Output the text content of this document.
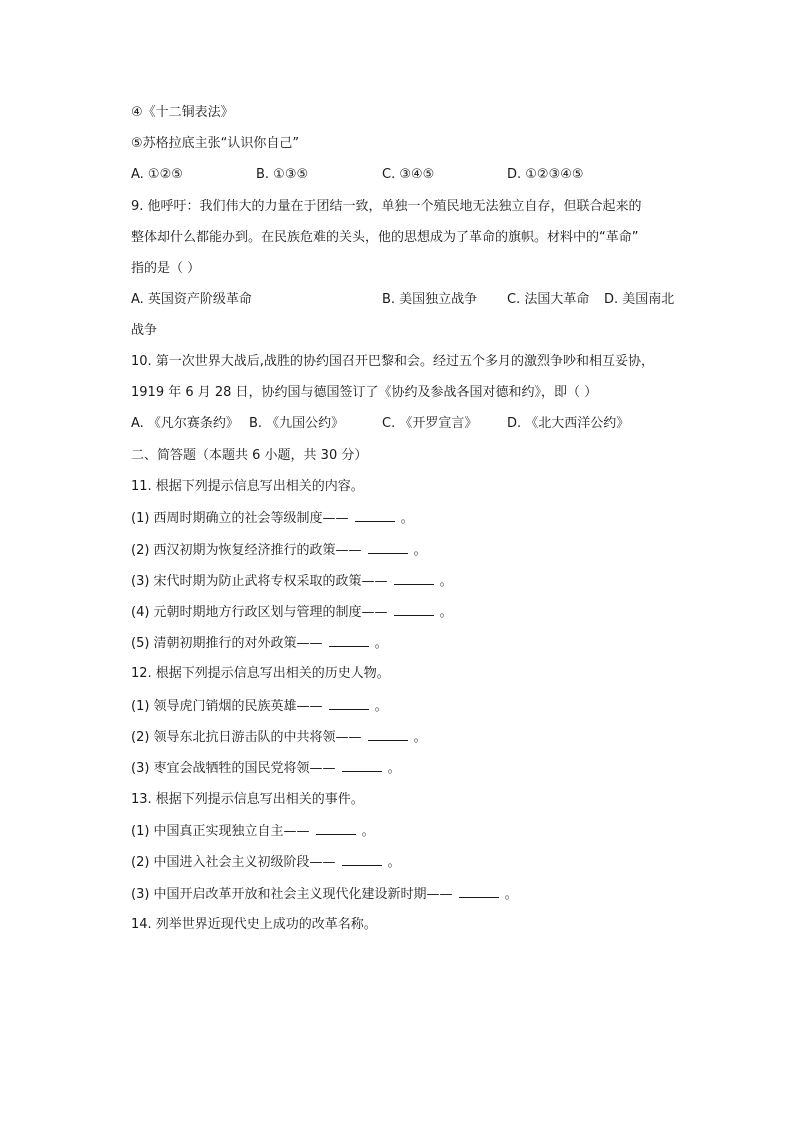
④《十二铜表法》
⑤苏格拉底主张“认识你自己”
A. ①②⑤	B. ①③⑤	C. ③④⑤	D. ①②③④⑤
9. 他呼吁：我们伟大的力量在于团结一致，单独一个殖民地无法独立自存，但联合起来的
整体却什么都能办到。在民族危难的关头，他的思想成为了革命的旗帜。材料中的“革命”
指的是（ ）
A. 英国资产阶级革命	B. 美国独立战争 C. 法国大革命 D. 美国南北
战争
10. 第一次世界大战后,战胜的协约国召开巴黎和会。经过五个多月的激烈争吵和相互妥协，
1919 年 6 月 28 日，协约国与德国签订了《协约及参战各国对德和约》，即（ ）
A. 《凡尔赛条约》 B. 《九国公约》	C. 《开罗宣言》 D. 《北大西洋公约》
二、简答题（本题共 6 小题，共 30 分）
11. 根据下列提示信息写出相关的内容。
(1) 西周时期确立的社会等级制度——	。
(2) 西汉初期为恢复经济推行的政策——	。
(3) 宋代时期为防止武将专权采取的政策——	。
(4) 元朝时期地方行政区划与管理的制度——	。
(5) 清朝初期推行的对外政策——	。
12. 根据下列提示信息写出相关的历史人物。
(1) 领导虎门销烟的民族英雄——	。
(2) 领导东北抗日游击队的中共将领——	。
(3) 枣宜会战牺牲的国民党将领——	。
13. 根据下列提示信息写出相关的事件。
(1) 中国真正实现独立自主——	。
(2) 中国进入社会主义初级阶段——	。
(3) 中国开启改革开放和社会主义现代化建设新时期——	。
14. 列举世界近现代史上成功的改革名称。
